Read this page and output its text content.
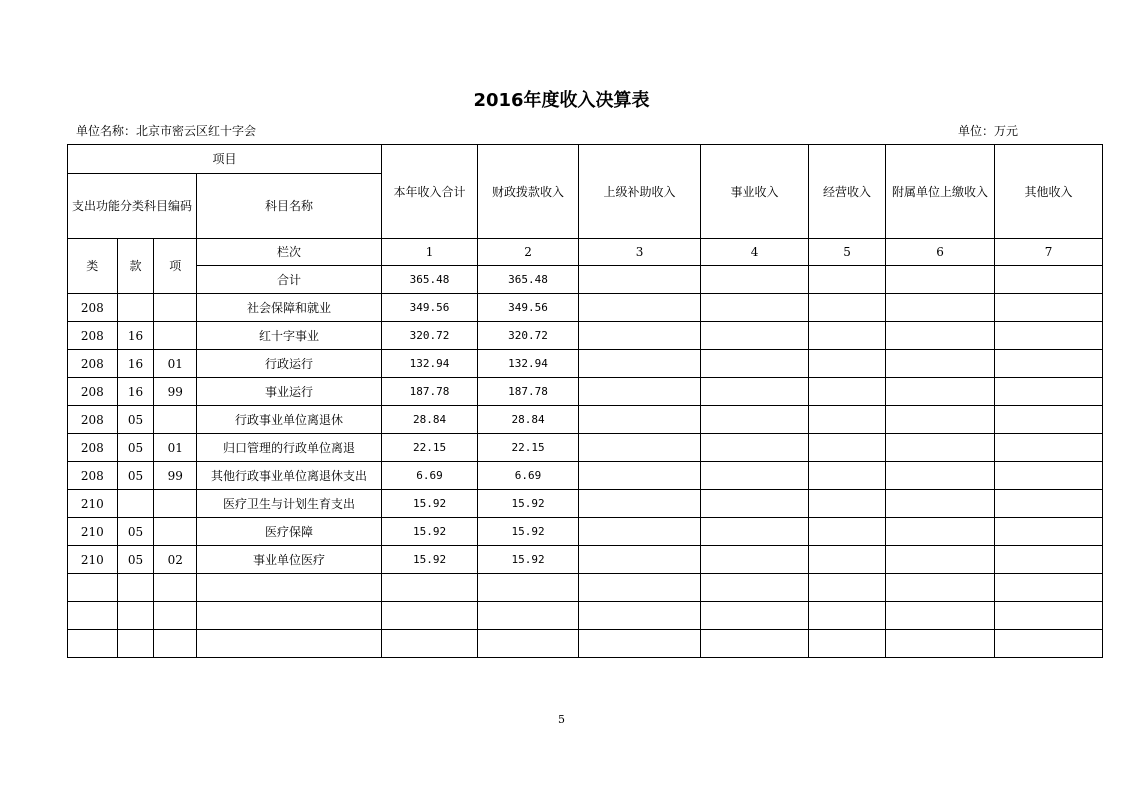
2016年度收入决算表
单位名称：北京市密云区红十字会	单位：万元
项目				本年收入合计	财政拨款收入	上级补助收入	事业收入	经营收入	附属单位上缴收入	其他收入
支出功能分类科目编码			科目名称							
类	款	项	栏次	1	2	3	4	5	6	7
			合计	365.48	365.48					
208			社会保障和就业	349.56	349.56					
208	16		红十字事业	320.72	320.72					
208	16	01	行政运行	132.94	132.94					
208	16	99	事业运行	187.78	187.78					
208	05		行政事业单位离退休	28.84	28.84					
208	05	01	归口管理的行政单位离退	22.15	22.15					
208	05	99	其他行政事业单位离退休支出	6.69	6.69					
210			医疗卫生与计划生育支出	15.92	15.92					
210	05		医疗保障	15.92	15.92					
210	05	02	事业单位医疗	15.92	15.92					

5
